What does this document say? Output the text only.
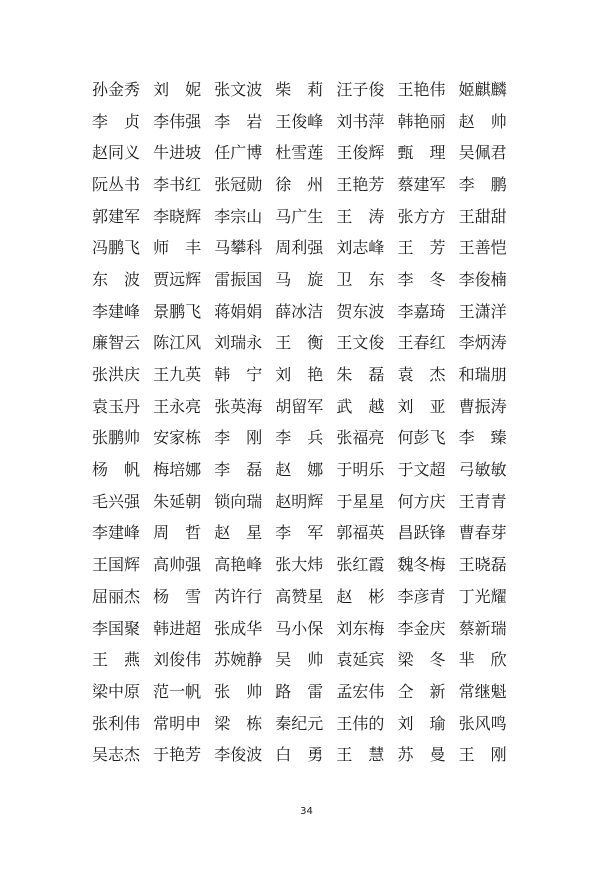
孙金秀 刘　妮 张文波 柴　莉 汪子俊 王艳伟 姬麒麟
李　贞 李伟强 李　岩 王俊峰 刘书萍 韩艳丽 赵　帅
赵同义 牛进坡 任广博 杜雪莲 王俊辉 甄　理 吴佩君
阮丛书 李书红 张冠勋 徐　州 王艳芳 蔡建军 李　鹏
郭建军 李晓辉 李宗山 马广生 王　涛 张方方 王甜甜
冯鹏飞 师　丰 马攀科 周利强 刘志峰 王　芳 王善恺
东　波 贾远辉 雷振国 马　旋 卫　东 李　冬 李俊楠
李建峰 景鹏飞 蒋娟娟 薛冰洁 贺东波 李嘉琦 王潇洋
廉智云 陈江风 刘瑞永 王　衡 王文俊 王春红 李炳涛
张洪庆 王九英 韩　宁 刘　艳 朱　磊 袁　杰 和瑞朋
袁玉丹 王永亮 张英海 胡留军 武　越 刘　亚 曹振涛
张鹏帅 安家栋 李　刚 李　兵 张福亮 何彭飞 李　臻
杨　帆 梅培娜 李　磊 赵　娜 于明乐 于文超 弓敏敏
毛兴强 朱延朝 锁向瑞 赵明辉 于星星 何方庆 王青青
李建峰 周　哲 赵　星 李　军 郭福英 昌跃锋 曹春芽
王国辉 高帅强 高艳峰 张大炜 张红霞 魏冬梅 王晓磊
屈丽杰 杨　雪 芮许行 高赞星 赵　彬 李彦青 丁光耀
李国聚 韩进超 张成华 马小保 刘东梅 李金庆 蔡新瑞
王　燕 刘俊伟 苏婉静 吴　帅 袁延宾 梁　冬 芈　欣
梁中原 范一帆 张　帅 路　雷 孟宏伟 仝　新 常继魁
张利伟 常明申 梁　栋 秦纪元 王伟的 刘　瑜 张风鸣
吴志杰 于艳芳 李俊波 白　勇 王　慧 苏　曼 王　刚
34
